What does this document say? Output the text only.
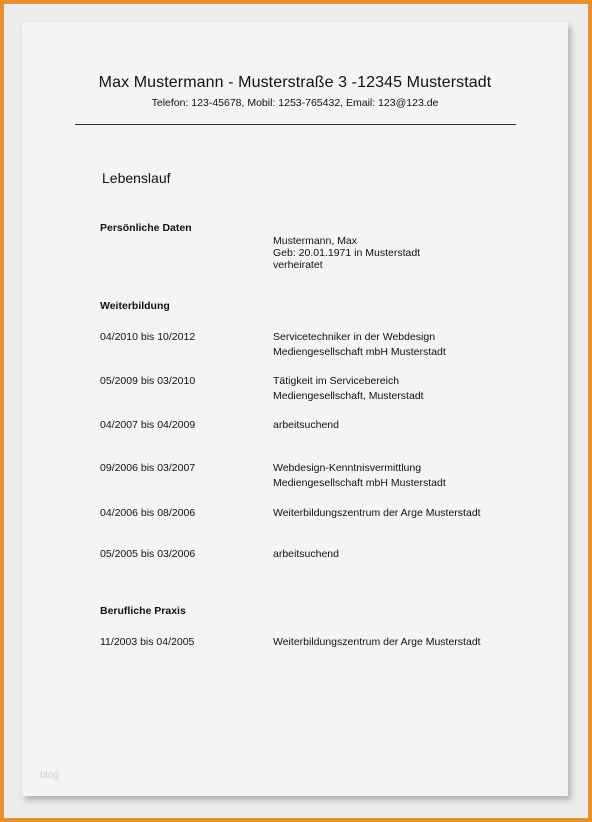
Max Mustermann - Musterstraße 3 -12345 Musterstadt
Telefon: 123-45678, Mobil: 1253-765432, Email: 123@123.de
Lebenslauf
Persönliche Daten
Mustermann, Max
Geb: 20.01.1971 in Musterstadt
verheiratet
Weiterbildung
04/2010 bis 10/2012	Servicetechniker in der Webdesign
Mediengesellschaft mbH Musterstadt
05/2009 bis 03/2010	Tätigkeit im Servicebereich
Mediengesellschaft, Musterstadt
04/2007 bis 04/2009	arbeitsuchend
09/2006 bis 03/2007	Webdesign-Kenntnisvermittlung
Mediengesellschaft mbH Musterstadt
04/2006 bis 08/2006	Weiterbildungszentrum der Arge Musterstadt
05/2005 bis 03/2006	arbeitsuchend
Berufliche Praxis
11/2003 bis 04/2005	Weiterbildungszentrum der Arge Musterstadt
blog
